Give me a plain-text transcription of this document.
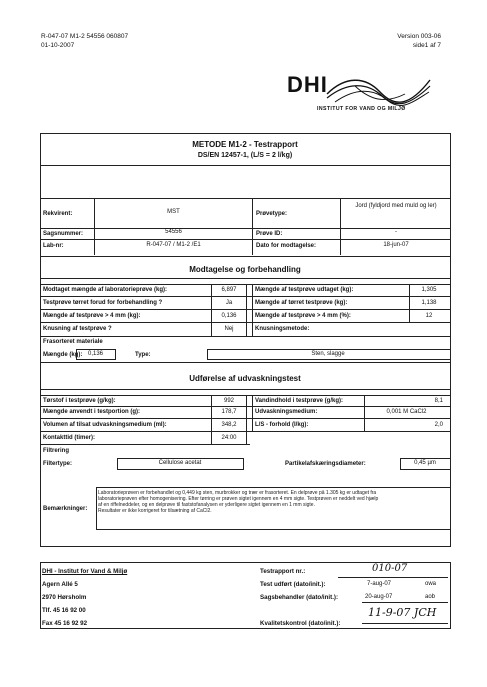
R-047-07 M1-2 54556 060807
01-10-2007
Version 003-06
side1 af 7
DHI
INSTITUT FOR VAND OG MILJØ
METODE M1-2 - Testrapport
DS/EN 12457-1, (L/S = 2 l/kg)
Rekvirent:	MST	Prøvetype:
Jord (fyldjord med muld og ler)
Sagsnummer:	54556	Prøve ID:	-
Lab-nr:	R-047-07 / M1-2 /E1	Dato for modtagelse:	18-jun-07
Modtagelse og forbehandling
Modtaget mængde af laboratorieprøve (kg):	6,897	Mængde af testprøve udtaget (kg):	1,305
Testprøve tørret forud for forbehandling ?	Ja	Mængde af tørret testprøve (kg):	1,138
Mængde af testprøve > 4 mm (kg):	0,136	Mængde af testprøve > 4 mm (%):	12
Knusning af testprøve ?	Nej	Knusningsmetode:
Frasorteret materiale
Mængde (kg): 0,136	Type:	Sten, slagge
Udførelse af udvaskningstest
Tørstof i testprøve (g/kg):	992	Vandindhold i testprøve (g/kg):	8,1
Mængde anvendt i testportion (g):	178,7	Udvaskningsmedium:	0,001 M CaCl2
Volumen af tilsat udvaskningsmedium (ml):	348,2	L/S - forhold (l/kg):	2,0
Kontakttid (timer):	24:00
Filtrering
Filtertype:	Cellulose acetat	Partikelafskæringsdiameter:	0,45 µm
Bemærkninger:
Laboratorieprøven er forbehandlet og 0,449 kg sten, murbrokker og trær er frasorteret. En delprøve på 1.305 kg er udtaget fra
laboratorieprøven efter homogenisering. Efter tørring er prøven sigtet igennem en 4 mm sigte. Testprøven er neddelt ved hjælp
af en riffelneddeler, og en delprøve til faststofanalysen er yderligere sigtet igennem en 1 mm sigte.
Resultater er ikke korrigeret for tilsætning af CaCl2.
DHI - Institut for Vand & Miljø
Agern Allé 5
2970 Hørsholm
Tlf. 45 16 92 00
Fax 45 16 92 92
Testrapport nr.:	010-07
Test udført (dato/init.):	7-aug-07	owa
Sagsbehandler (dato/init.):	20-aug-07	aob
Kvalitetskontrol (dato/init.):
11-9-07 JCH
